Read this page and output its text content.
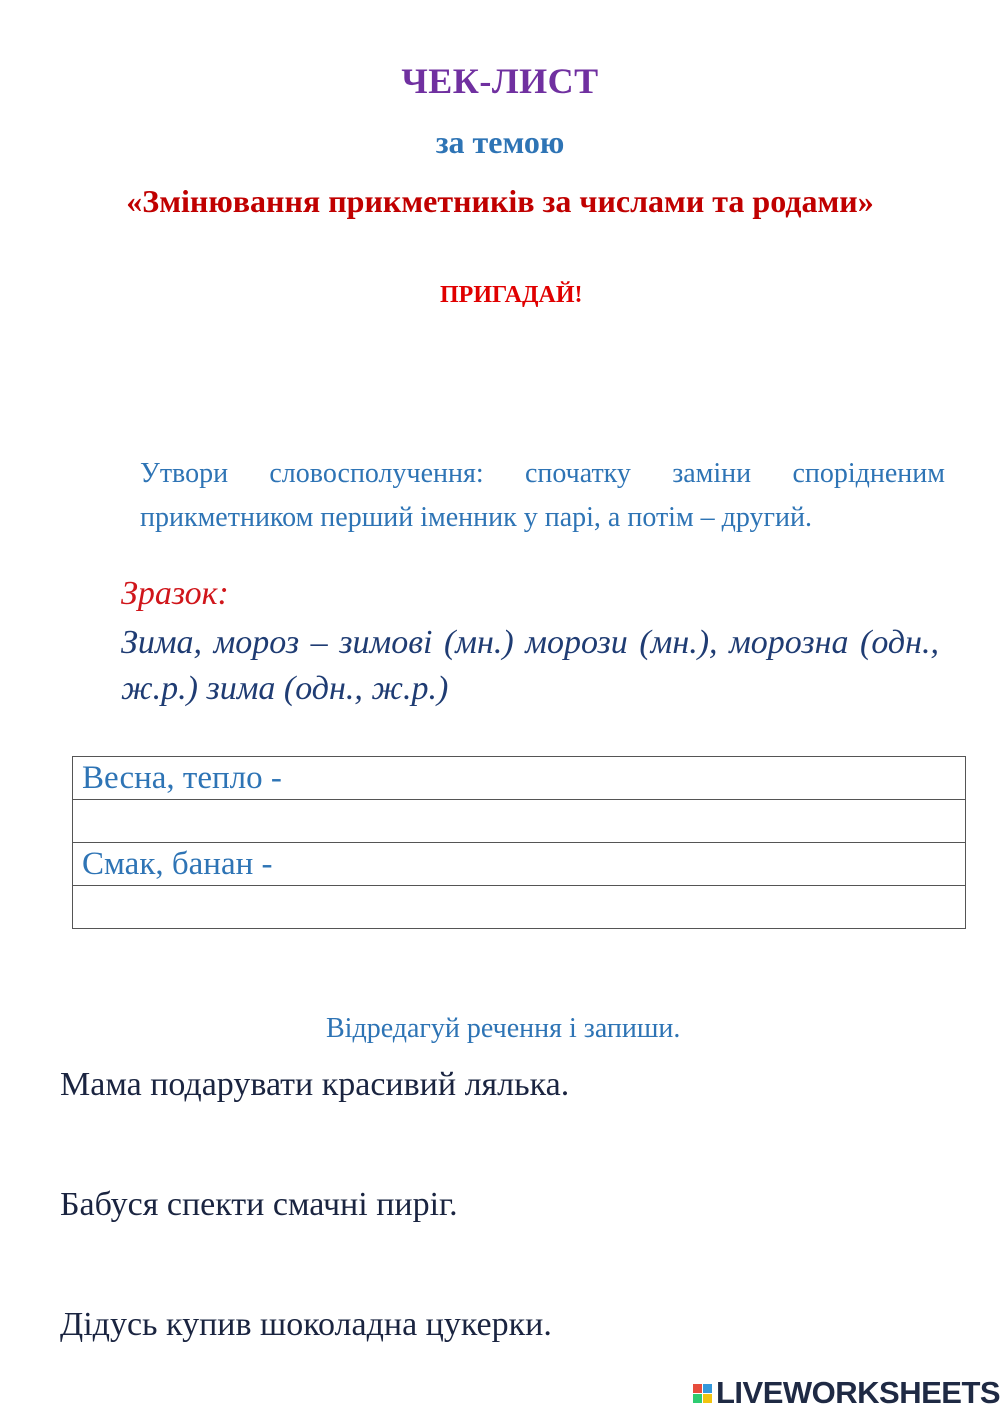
ЧЕК-ЛИСТ
за темою
«Змінювання прикметників за числами та родами»
ПРИГАДАЙ!
Утвори словосполучення: спочатку заміни спорідненим прикметником перший іменник у парі, а потім – другий.
Зразок:
Зима, мороз – зимові (мн.) морози (мн.), морозна (одн., ж.р.) зима (одн., ж.р.)
Весна, тепло -

Смак, банан -

Відредагуй речення і запиши.
Мама подарувати красивий лялька.
Бабуся спекти смачні пиріг.
Дідусь купив шоколадна цукерки.
LIVEWORKSHEETS
